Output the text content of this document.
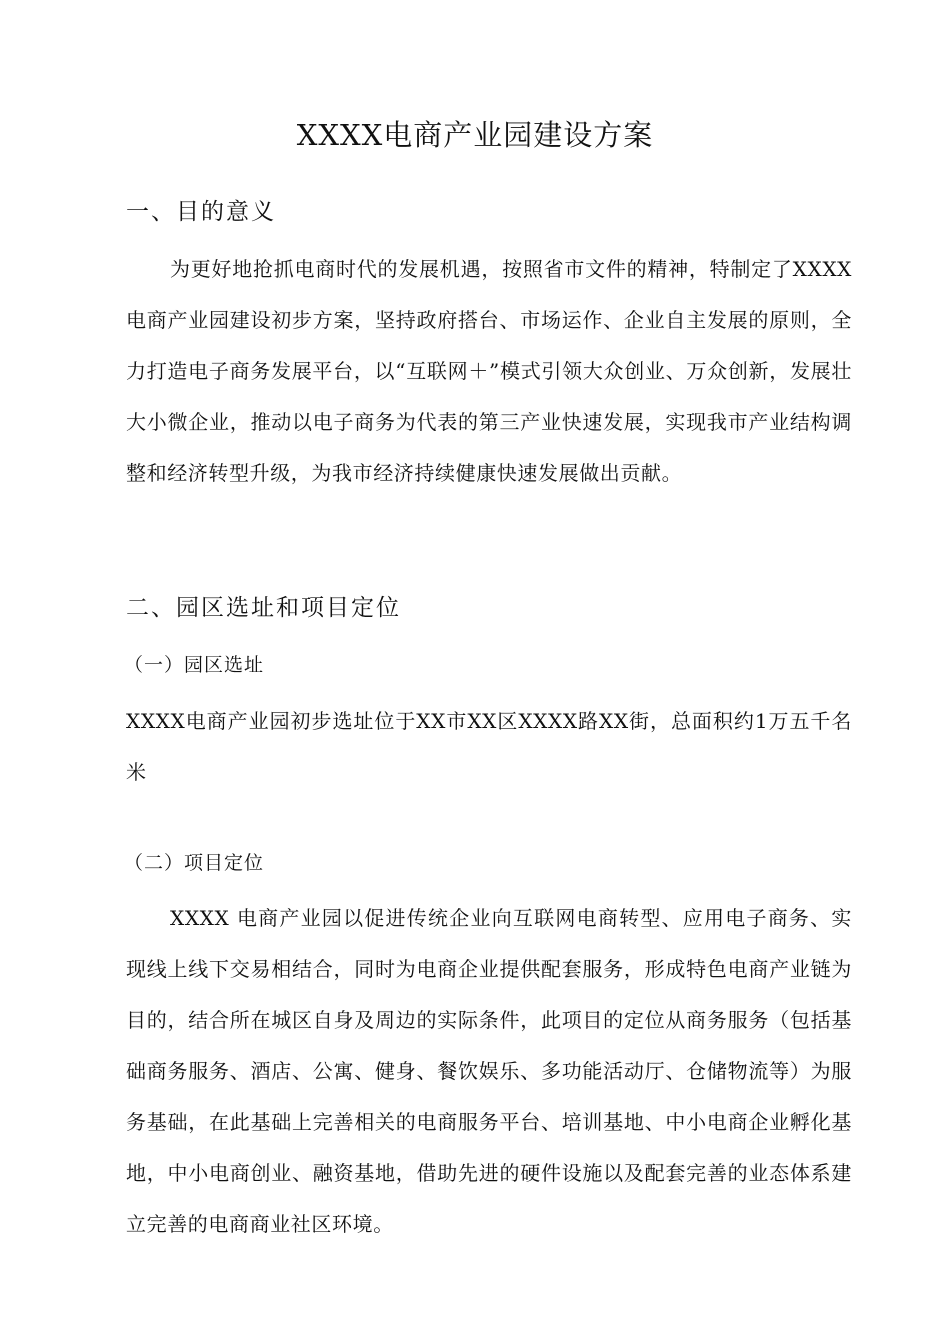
XXXX电商产业园建设方案
一、目的意义
为更好地抢抓电商时代的发展机遇，按照省市文件的精神，特制定了XXXX 电商产业园建设初步方案，坚持政府搭台、市场运作、企业自主发展的原则，全力打造电子商务发展平台，以“互联网＋”模式引领大众创业、万众创新，发展壮大小微企业，推动以电子商务为代表的第三产业快速发展，实现我市产业结构调整和经济转型升级，为我市经济持续健康快速发展做出贡献。
二、园区选址和项目定位
（一）园区选址
XXXX电商产业园初步选址位于XX市XX区XXXX路XX街，总面积约1万五千名米
（二）项目定位
XXXX 电商产业园以促进传统企业向互联网电商转型、应用电子商务、实现线上线下交易相结合，同时为电商企业提供配套服务，形成特色电商产业链为目的，结合所在城区自身及周边的实际条件，此项目的定位从商务服务（包括基础商务服务、酒店、公寓、健身、餐饮娱乐、多功能活动厅、仓储物流等）为服务基础，在此基础上完善相关的电商服务平台、培训基地、中小电商企业孵化基地，中小电商创业、融资基地，借助先进的硬件设施以及配套完善的业态体系建立完善的电商商业社区环境。
